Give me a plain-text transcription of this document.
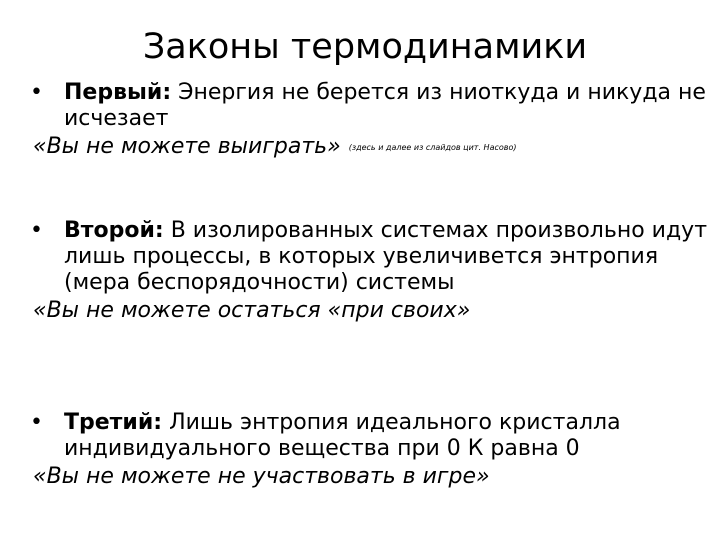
Законы термодинамики
• Первый: Энергия не берется из ниоткуда и никуда не исчезает
«Вы не можете выиграть» (здесь и далее из слайдов цит. Насово)
• Второй: В изолированных системах произвольно идут лишь процессы, в которых увеличивется энтропия (мера беспорядочности) системы
«Вы не можете остаться «при своих»
• Третий: Лишь энтропия идеального кристалла индивидуального вещества при 0 К равна 0
«Вы не можете не участвовать в игре»
